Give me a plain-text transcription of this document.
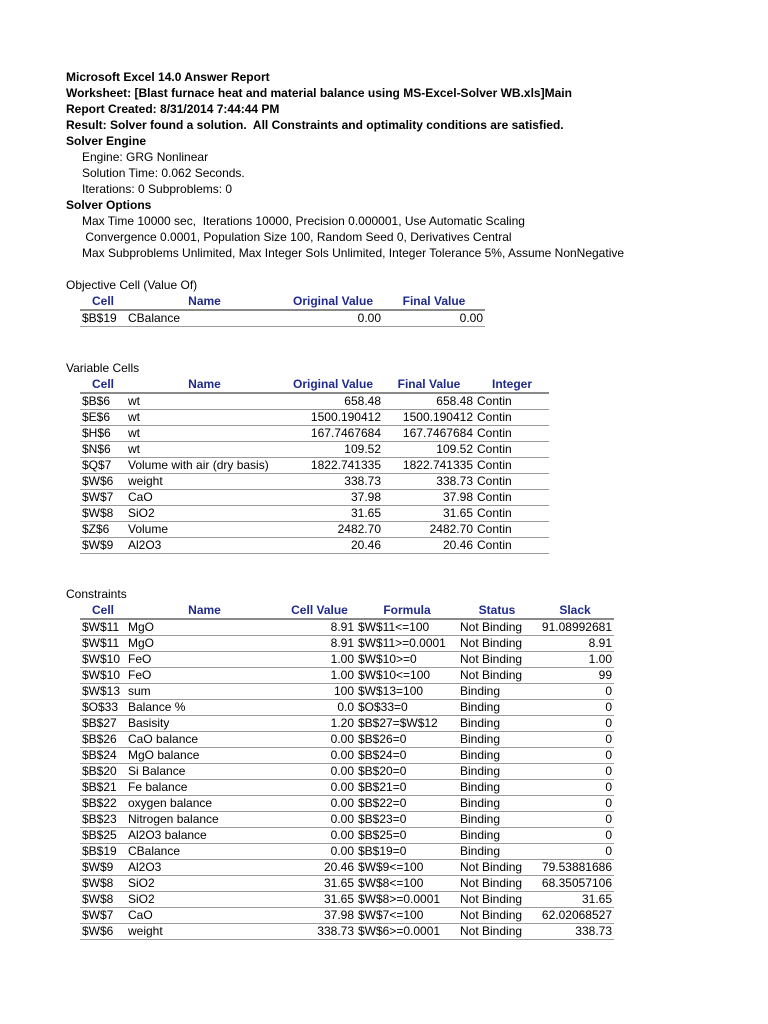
Microsoft Excel 14.0 Answer Report
Worksheet: [Blast furnace heat and material balance using MS-Excel-Solver WB.xls]Main
Report Created: 8/31/2014 7:44:44 PM
Result: Solver found a solution.  All Constraints and optimality conditions are satisfied.
Solver Engine
Engine: GRG Nonlinear
Solution Time: 0.062 Seconds.
Iterations: 0 Subproblems: 0
Solver Options
Max Time 10000 sec,  Iterations 10000, Precision 0.000001, Use Automatic Scaling
Convergence 0.0001, Population Size 100, Random Seed 0, Derivatives Central
Max Subproblems Unlimited, Max Integer Sols Unlimited, Integer Tolerance 5%, Assume NonNegative
Objective Cell (Value Of)
Cell	Name	Original Value	Final Value
$B$19	CBalance	0.00	0.00
Variable Cells
Cell	Name	Original Value	Final Value	Integer
$B$6	wt	658.48	658.48	Contin
$E$6	wt	1500.190412	1500.190412	Contin
$H$6	wt	167.7467684	167.7467684	Contin
$N$6	wt	109.52	109.52	Contin
$Q$7	Volume with air (dry basis)	1822.741335	1822.741335	Contin
$W$6	weight	338.73	338.73	Contin
$W$7	CaO	37.98	37.98	Contin
$W$8	SiO2	31.65	31.65	Contin
$Z$6	Volume	2482.70	2482.70	Contin
$W$9	Al2O3	20.46	20.46	Contin
Constraints
Cell	Name	Cell Value	Formula	Status	Slack
$W$11	MgO	8.91	$W$11<=100	Not Binding	91.08992681
$W$11	MgO	8.91	$W$11>=0.0001	Not Binding	8.91
$W$10	FeO	1.00	$W$10>=0	Not Binding	1.00
$W$10	FeO	1.00	$W$10<=100	Not Binding	99
$W$13	sum	100	$W$13=100	Binding	0
$O$33	Balance %	0.0	$O$33=0	Binding	0
$B$27	Basisity	1.20	$B$27=$W$12	Binding	0
$B$26	CaO balance	0.00	$B$26=0	Binding	0
$B$24	MgO balance	0.00	$B$24=0	Binding	0
$B$20	Si Balance	0.00	$B$20=0	Binding	0
$B$21	Fe balance	0.00	$B$21=0	Binding	0
$B$22	oxygen balance	0.00	$B$22=0	Binding	0
$B$23	Nitrogen balance	0.00	$B$23=0	Binding	0
$B$25	Al2O3 balance	0.00	$B$25=0	Binding	0
$B$19	CBalance	0.00	$B$19=0	Binding	0
$W$9	Al2O3	20.46	$W$9<=100	Not Binding	79.53881686
$W$8	SiO2	31.65	$W$8<=100	Not Binding	68.35057106
$W$8	SiO2	31.65	$W$8>=0.0001	Not Binding	31.65
$W$7	CaO	37.98	$W$7<=100	Not Binding	62.02068527
$W$6	weight	338.73	$W$6>=0.0001	Not Binding	338.73
